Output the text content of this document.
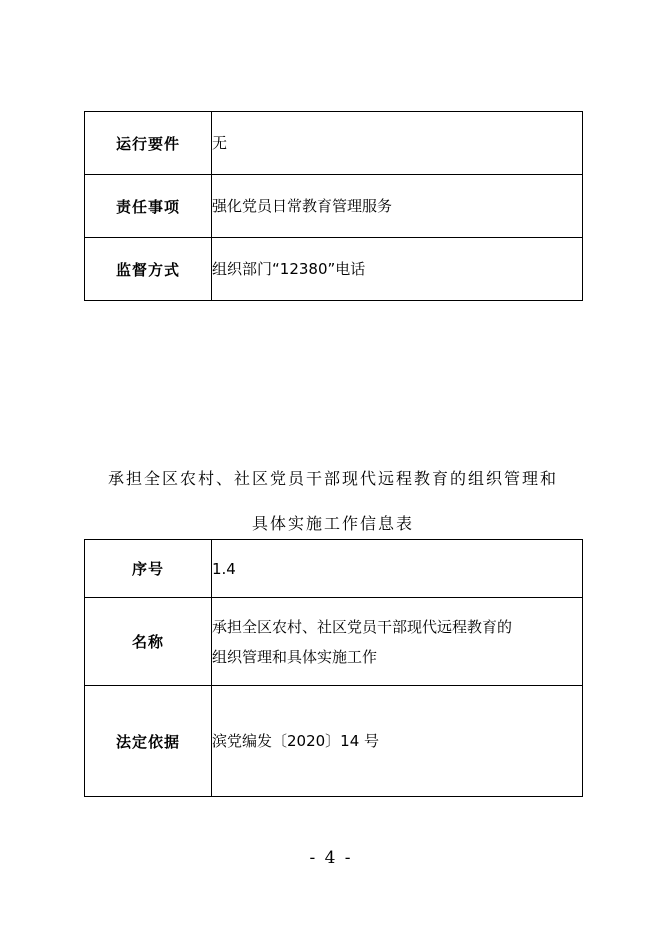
运行要件	无
责任事项	强化党员日常教育管理服务
监督方式	组织部门“12380”电话
承担全区农村、社区党员干部现代远程教育的组织管理和
具体实施工作信息表
序号	1.4
名称	承担全区农村、社区党员干部现代远程教育的
组织管理和具体实施工作

法定依据	滨党编发〔2020〕14 号
- 4 -
